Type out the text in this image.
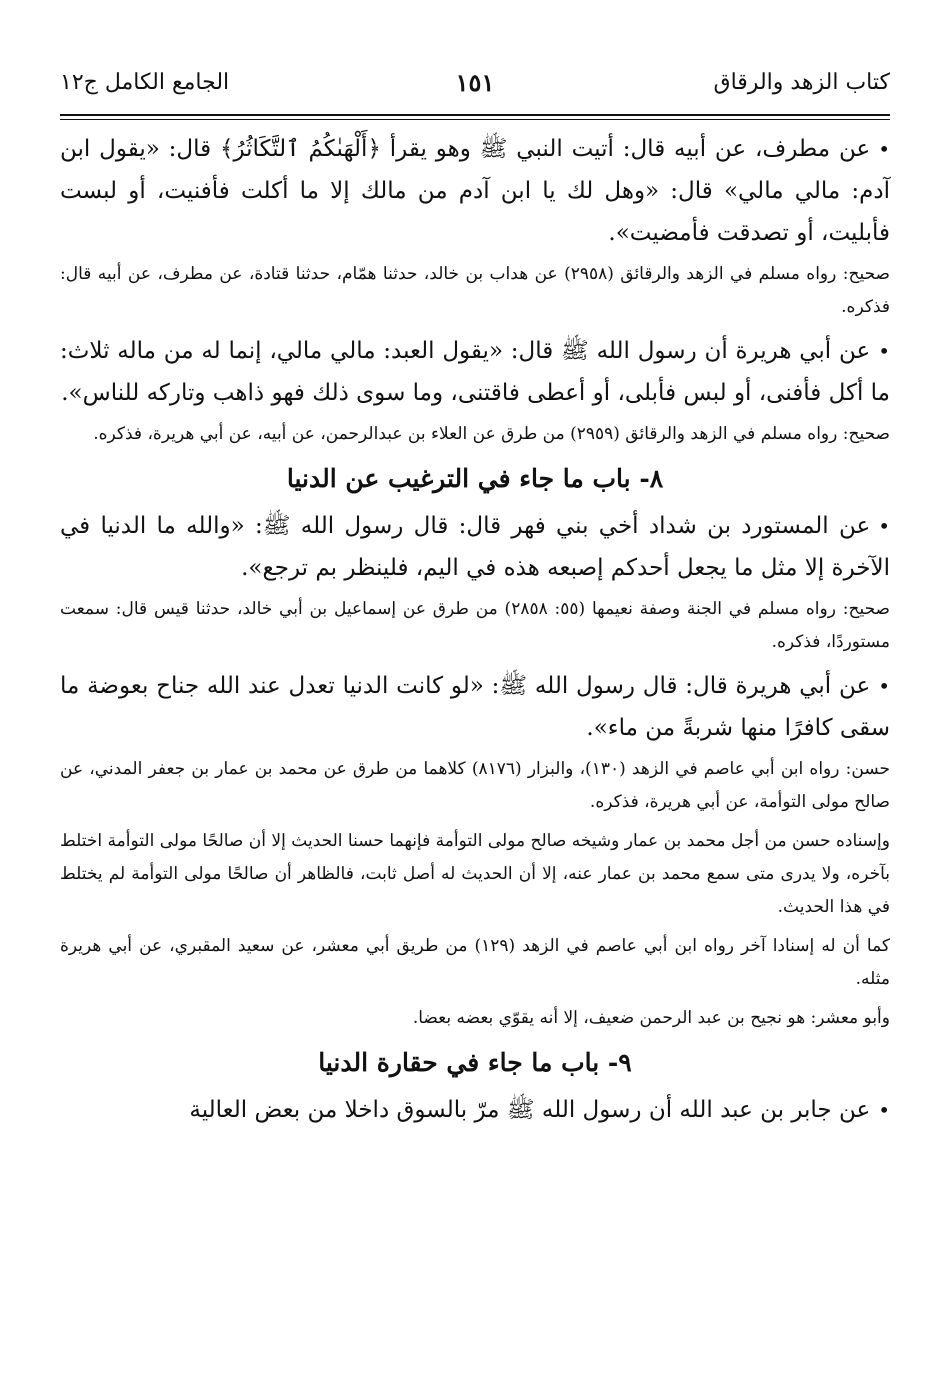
كتاب الزهد والرقاق
١٥١
الجامع الكامل ج١٢

•عن مطرف، عن أبيه قال: أتيت النبي ﷺ وهو يقرأ ﴿أَلْهَىٰكُمُ ٱلتَّكَاثُرُ﴾ قال: «يقول ابن آدم: مالي مالي» قال: «وهل لك يا ابن آدم من مالك إلا ما أكلت فأفنيت، أو لبست فأبليت، أو تصدقت فأمضيت».

صحيح: رواه مسلم في الزهد والرقائق (٢٩٥٨) عن هداب بن خالد، حدثنا همّام، حدثنا قتادة، عن مطرف، عن أبيه قال: فذكره.

•عن أبي هريرة أن رسول الله ﷺ قال: «يقول العبد: مالي مالي، إنما له من ماله ثلاث: ما أكل فأفنى، أو لبس فأبلى، أو أعطى فاقتنى، وما سوى ذلك فهو ذاهب وتاركه للناس».

صحيح: رواه مسلم في الزهد والرقائق (٢٩٥٩) من طرق عن العلاء بن عبدالرحمن، عن أبيه، عن أبي هريرة، فذكره.

٨- باب ما جاء في الترغيب عن الدنيا

•عن المستورد بن شداد أخي بني فهر قال: قال رسول الله ﷺ: «والله ما الدنيا في الآخرة إلا مثل ما يجعل أحدكم إصبعه هذه في اليم، فلينظر بم ترجع».

صحيح: رواه مسلم في الجنة وصفة نعيمها (٥٥: ٢٨٥٨) من طرق عن إسماعيل بن أبي خالد، حدثنا قيس قال: سمعت مستوردًا، فذكره.

•عن أبي هريرة قال: قال رسول الله ﷺ: «لو كانت الدنيا تعدل عند الله جناح بعوضة ما سقى كافرًا منها شربةً من ماء».

حسن: رواه ابن أبي عاصم في الزهد (١٣٠)، والبزار (٨١٧٦) كلاهما من طرق عن محمد بن عمار بن جعفر المدني، عن صالح مولى التوأمة، عن أبي هريرة، فذكره.

وإسناده حسن من أجل محمد بن عمار وشيخه صالح مولى التوأمة فإنهما حسنا الحديث إلا أن صالحًا مولى التوأمة اختلط بآخره، ولا يدرى متى سمع محمد بن عمار عنه، إلا أن الحديث له أصل ثابت، فالظاهر أن صالحًا مولى التوأمة لم يختلط في هذا الحديث.

كما أن له إسنادا آخر رواه ابن أبي عاصم في الزهد (١٢٩) من طريق أبي معشر، عن سعيد المقبري، عن أبي هريرة مثله.

وأبو معشر: هو نجيح بن عبد الرحمن ضعيف، إلا أنه يقوّي بعضه بعضا.

٩- باب ما جاء في حقارة الدنيا

•عن جابر بن عبد الله أن رسول الله ﷺ مرّ بالسوق داخلا من بعض العالية
